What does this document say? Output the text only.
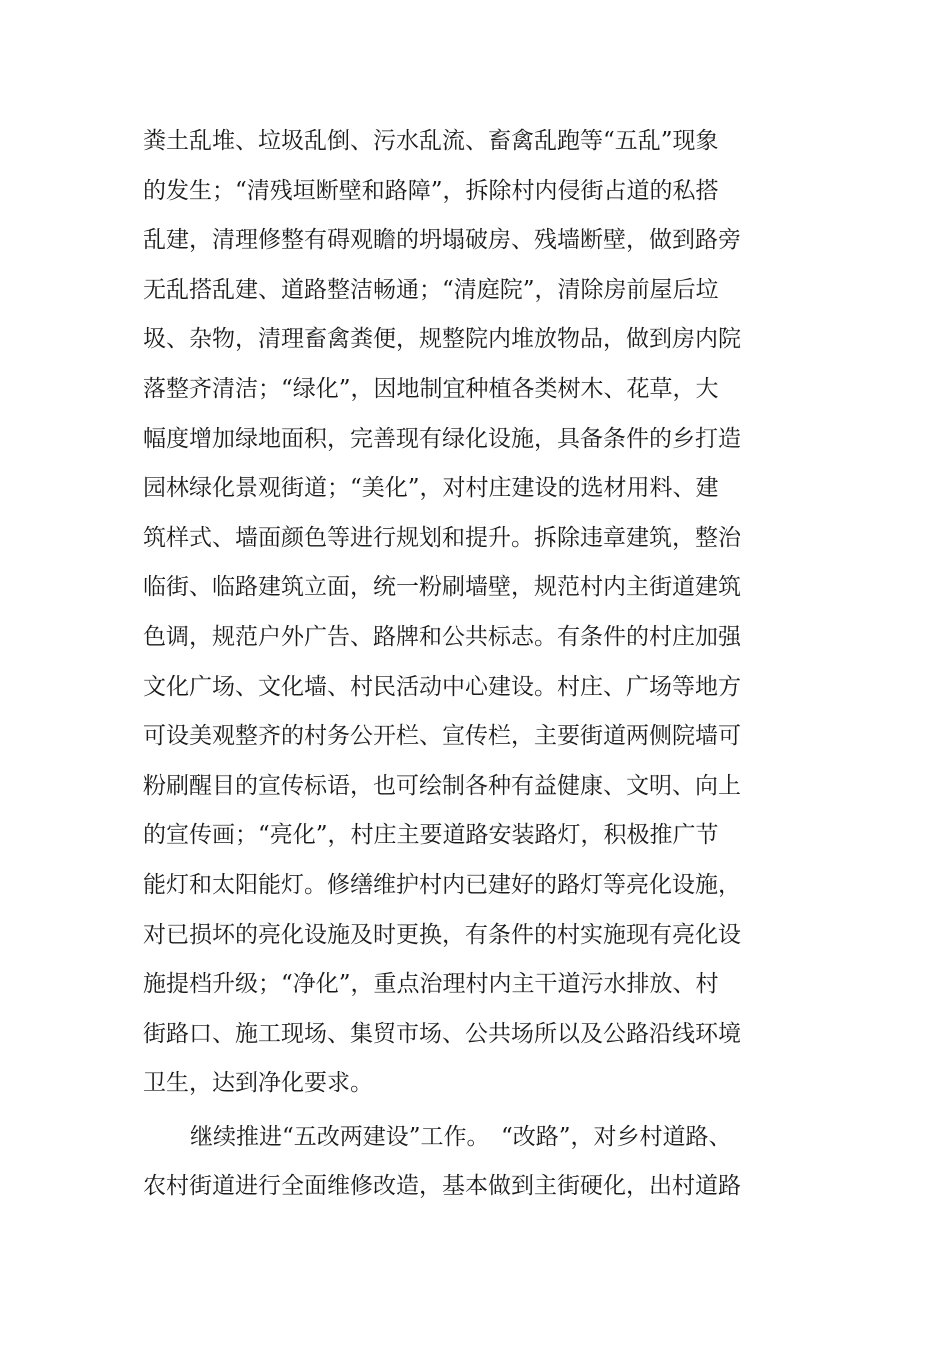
粪土乱堆、垃圾乱倒、污水乱流、畜禽乱跑等“五乱”现象
的发生；“清残垣断壁和路障”，拆除村内侵街占道的私搭
乱建，清理修整有碍观瞻的坍塌破房、残墙断壁，做到路旁
无乱搭乱建、道路整洁畅通；“清庭院”，清除房前屋后垃
圾、杂物，清理畜禽粪便，规整院内堆放物品，做到房内院
落整齐清洁；“绿化”，因地制宜种植各类树木、花草，大
幅度增加绿地面积，完善现有绿化设施，具备条件的乡打造
园林绿化景观街道；“美化”，对村庄建设的选材用料、建
筑样式、墙面颜色等进行规划和提升。拆除违章建筑，整治
临街、临路建筑立面，统一粉刷墙壁，规范村内主街道建筑
色调，规范户外广告、路牌和公共标志。有条件的村庄加强
文化广场、文化墙、村民活动中心建设。村庄、广场等地方
可设美观整齐的村务公开栏、宣传栏，主要街道两侧院墙可
粉刷醒目的宣传标语，也可绘制各种有益健康、文明、向上
的宣传画；“亮化”，村庄主要道路安装路灯，积极推广节
能灯和太阳能灯。修缮维护村内已建好的路灯等亮化设施，
对已损坏的亮化设施及时更换，有条件的村实施现有亮化设
施提档升级；“净化”，重点治理村内主干道污水排放、村
街路口、施工现场、集贸市场、公共场所以及公路沿线环境
卫生，达到净化要求。
继续推进“五改两建设”工作。　“改路”，对乡村道路、
农村街道进行全面维修改造，基本做到主街硬化，出村道路
